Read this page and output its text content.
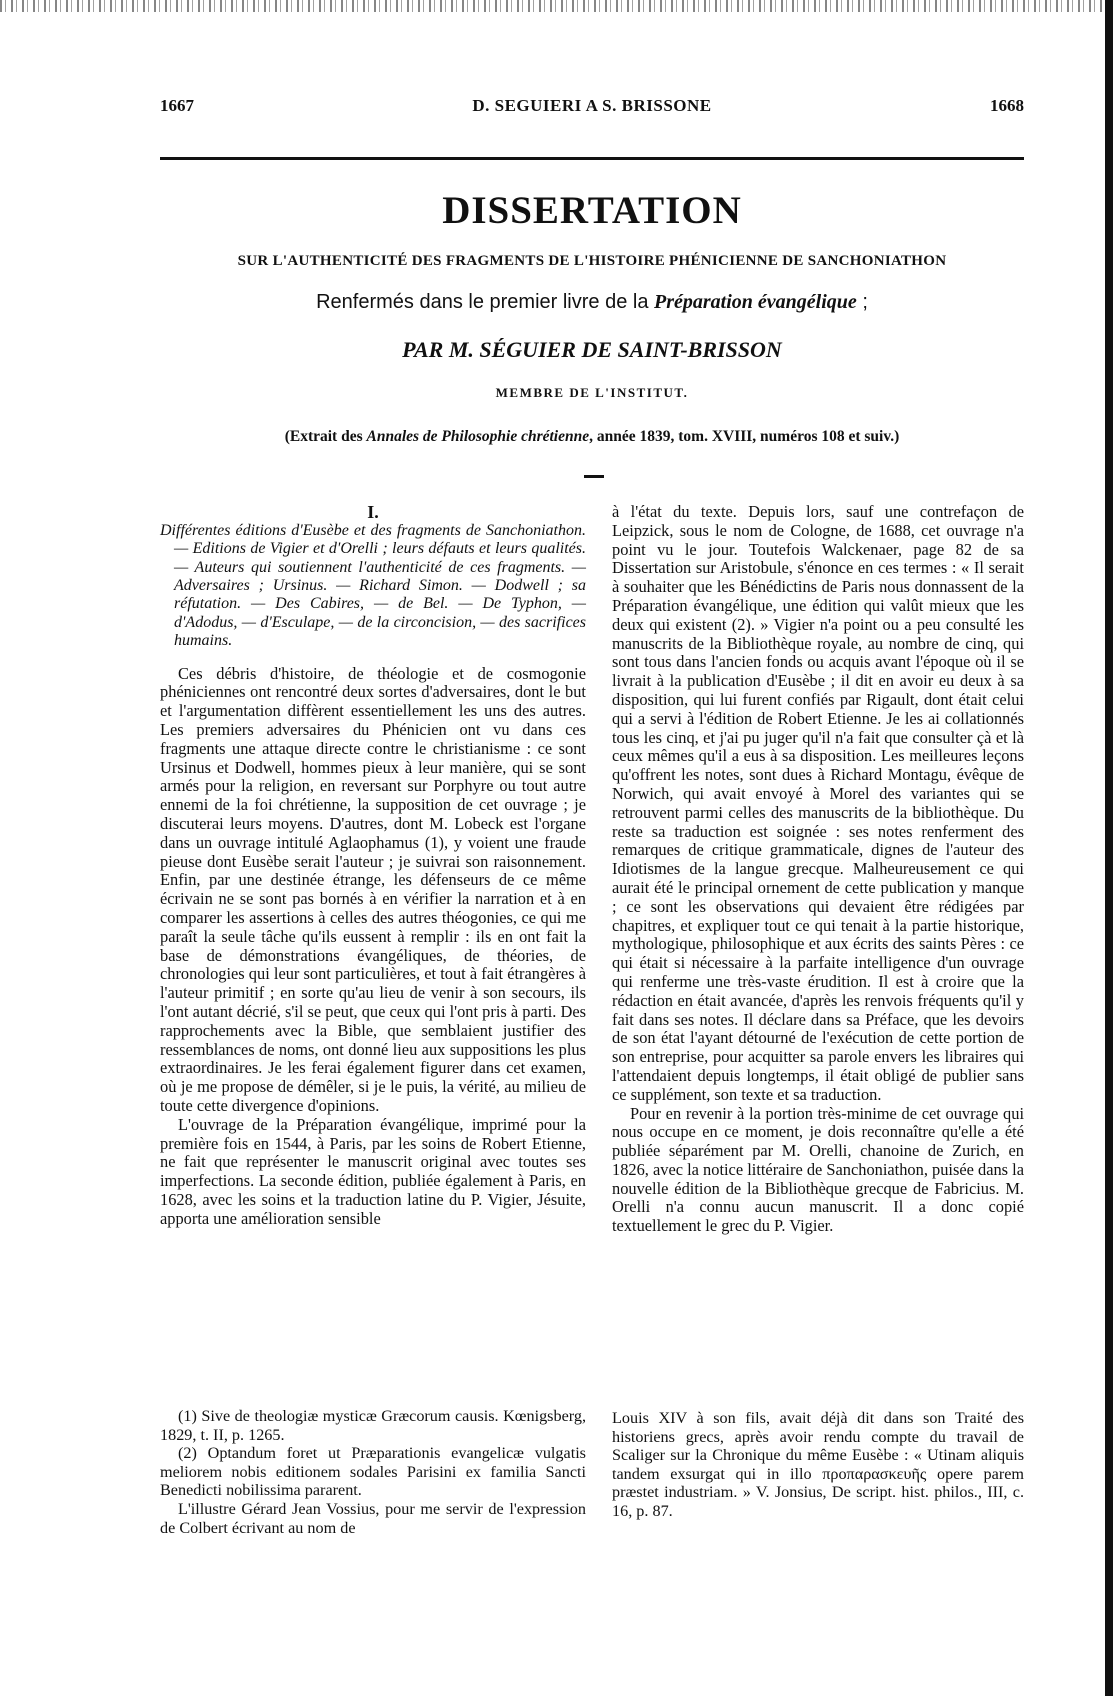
D. SEGUIERI A S. BRISSONE
1667	1668
DISSERTATION
SUR L'AUTHENTICITÉ DES FRAGMENTS DE L'HISTOIRE PHÉNICIENNE DE SANCHONIATHON
Renfermés dans le premier livre de la Préparation évangélique ;
PAR M. SÉGUIER DE SAINT-BRISSON
MEMBRE DE L'INSTITUT.
(Extrait des Annales de Philosophie chrétienne, année 1839, tom. XVIII, numéros 108 et suiv.)

I.

Différentes éditions d'Eusèbe et des fragments de Sanchoniathon. — Editions de Vigier et d'Orelli ; leurs défauts et leurs qualités. — Auteurs qui soutiennent l'authenticité de ces fragments. — Adversaires ; Ursinus. — Richard Simon. — Dodwell ; sa réfutation. — Des Cabires, — de Bel. — De Typhon, — d'Adodus, — d'Esculape, — de la circoncision, — des sacrifices humains.

Ces débris d'histoire, de théologie et de cosmogonie phéniciennes ont rencontré deux sortes d'adversaires, dont le but et l'argumentation diffèrent essentiellement les uns des autres. Les premiers adversaires du Phénicien ont vu dans ces fragments une attaque directe contre le christianisme : ce sont Ursinus et Dodwell, hommes pieux à leur manière, qui se sont armés pour la religion, en reversant sur Porphyre ou tout autre ennemi de la foi chrétienne, la supposition de cet ouvrage ; je discuterai leurs moyens. D'autres, dont M. Lobeck est l'organe dans un ouvrage intitulé Aglaophamus (1), y voient une fraude pieuse dont Eusèbe serait l'auteur ; je suivrai son raisonnement. Enfin, par une destinée étrange, les défenseurs de ce même écrivain ne se sont pas bornés à en vérifier la narration et à en comparer les assertions à celles des autres théogonies, ce qui me paraît la seule tâche qu'ils eussent à remplir : ils en ont fait la base de démonstrations évangéliques, de théories, de chronologies qui leur sont particulières, et tout à fait étrangères à l'auteur primitif ; en sorte qu'au lieu de venir à son secours, ils l'ont autant décrié, s'il se peut, que ceux qui l'ont pris à parti. Des rapprochements avec la Bible, que semblaient justifier des ressemblances de noms, ont donné lieu aux suppositions les plus extraordinaires. Je les ferai également figurer dans cet examen, où je me propose de démêler, si je le puis, la vérité, au milieu de toute cette divergence d'opinions.

L'ouvrage de la Préparation évangélique, imprimé pour la première fois en 1544, à Paris, par les soins de Robert Etienne, ne fait que représenter le manuscrit original avec toutes ses imperfections. La seconde édition, publiée également à Paris, en 1628, avec les soins et la traduction latine du P. Vigier, Jésuite, apporta une amélioration sensible

à l'état du texte. Depuis lors, sauf une contrefaçon de Leipzick, sous le nom de Cologne, de 1688, cet ouvrage n'a point vu le jour. Toutefois Walckenaer, page 82 de sa Dissertation sur Aristobule, s'énonce en ces termes : « Il serait à souhaiter que les Bénédictins de Paris nous donnassent de la Préparation évangélique, une édition qui valût mieux que les deux qui existent (2). » Vigier n'a point ou a peu consulté les manuscrits de la Bibliothèque royale, au nombre de cinq, qui sont tous dans l'ancien fonds ou acquis avant l'époque où il se livrait à la publication d'Eusèbe ; il dit en avoir eu deux à sa disposition, qui lui furent confiés par Rigault, dont était celui qui a servi à l'édition de Robert Etienne. Je les ai collationnés tous les cinq, et j'ai pu juger qu'il n'a fait que consulter çà et là ceux mêmes qu'il a eus à sa disposition. Les meilleures leçons qu'offrent les notes, sont dues à Richard Montagu, évêque de Norwich, qui avait envoyé à Morel des variantes qui se retrouvent parmi celles des manuscrits de la bibliothèque. Du reste sa traduction est soignée : ses notes renferment des remarques de critique grammaticale, dignes de l'auteur des Idiotismes de la langue grecque. Malheureusement ce qui aurait été le principal ornement de cette publication y manque ; ce sont les observations qui devaient être rédigées par chapitres, et expliquer tout ce qui tenait à la partie historique, mythologique, philosophique et aux écrits des saints Pères : ce qui était si nécessaire à la parfaite intelligence d'un ouvrage qui renferme une très-vaste érudition. Il est à croire que la rédaction en était avancée, d'après les renvois fréquents qu'il y fait dans ses notes. Il déclare dans sa Préface, que les devoirs de son état l'ayant détourné de l'exécution de cette portion de son entreprise, pour acquitter sa parole envers les libraires qui l'attendaient depuis longtemps, il était obligé de publier sans ce supplément, son texte et sa traduction.

Pour en revenir à la portion très-minime de cet ouvrage qui nous occupe en ce moment, je dois reconnaître qu'elle a été publiée séparément par M. Orelli, chanoine de Zurich, en 1826, avec la notice littéraire de Sanchoniathon, puisée dans la nouvelle édition de la Bibliothèque grecque de Fabricius. M. Orelli n'a connu aucun manuscrit. Il a donc copié textuellement le grec du P. Vigier.

(1) Sive de theologiæ mysticæ Græcorum causis. Kœnigsberg, 1829, t. II, p. 1265.

(2) Optandum foret ut Præparationis evangelicæ vulgatis meliorem nobis editionem sodales Parisini ex familia Sancti Benedicti nobilissima pararent.

L'illustre Gérard Jean Vossius, pour me servir de l'expression de Colbert écrivant au nom de

Louis XIV à son fils, avait déjà dit dans son Traité des historiens grecs, après avoir rendu compte du travail de Scaliger sur la Chronique du même Eusèbe : « Utinam aliquis tandem exsurgat qui in illo προπαρασκευῆς opere parem præstet industriam. » V. Jonsius, De script. hist. philos., III, c. 16, p. 87.
